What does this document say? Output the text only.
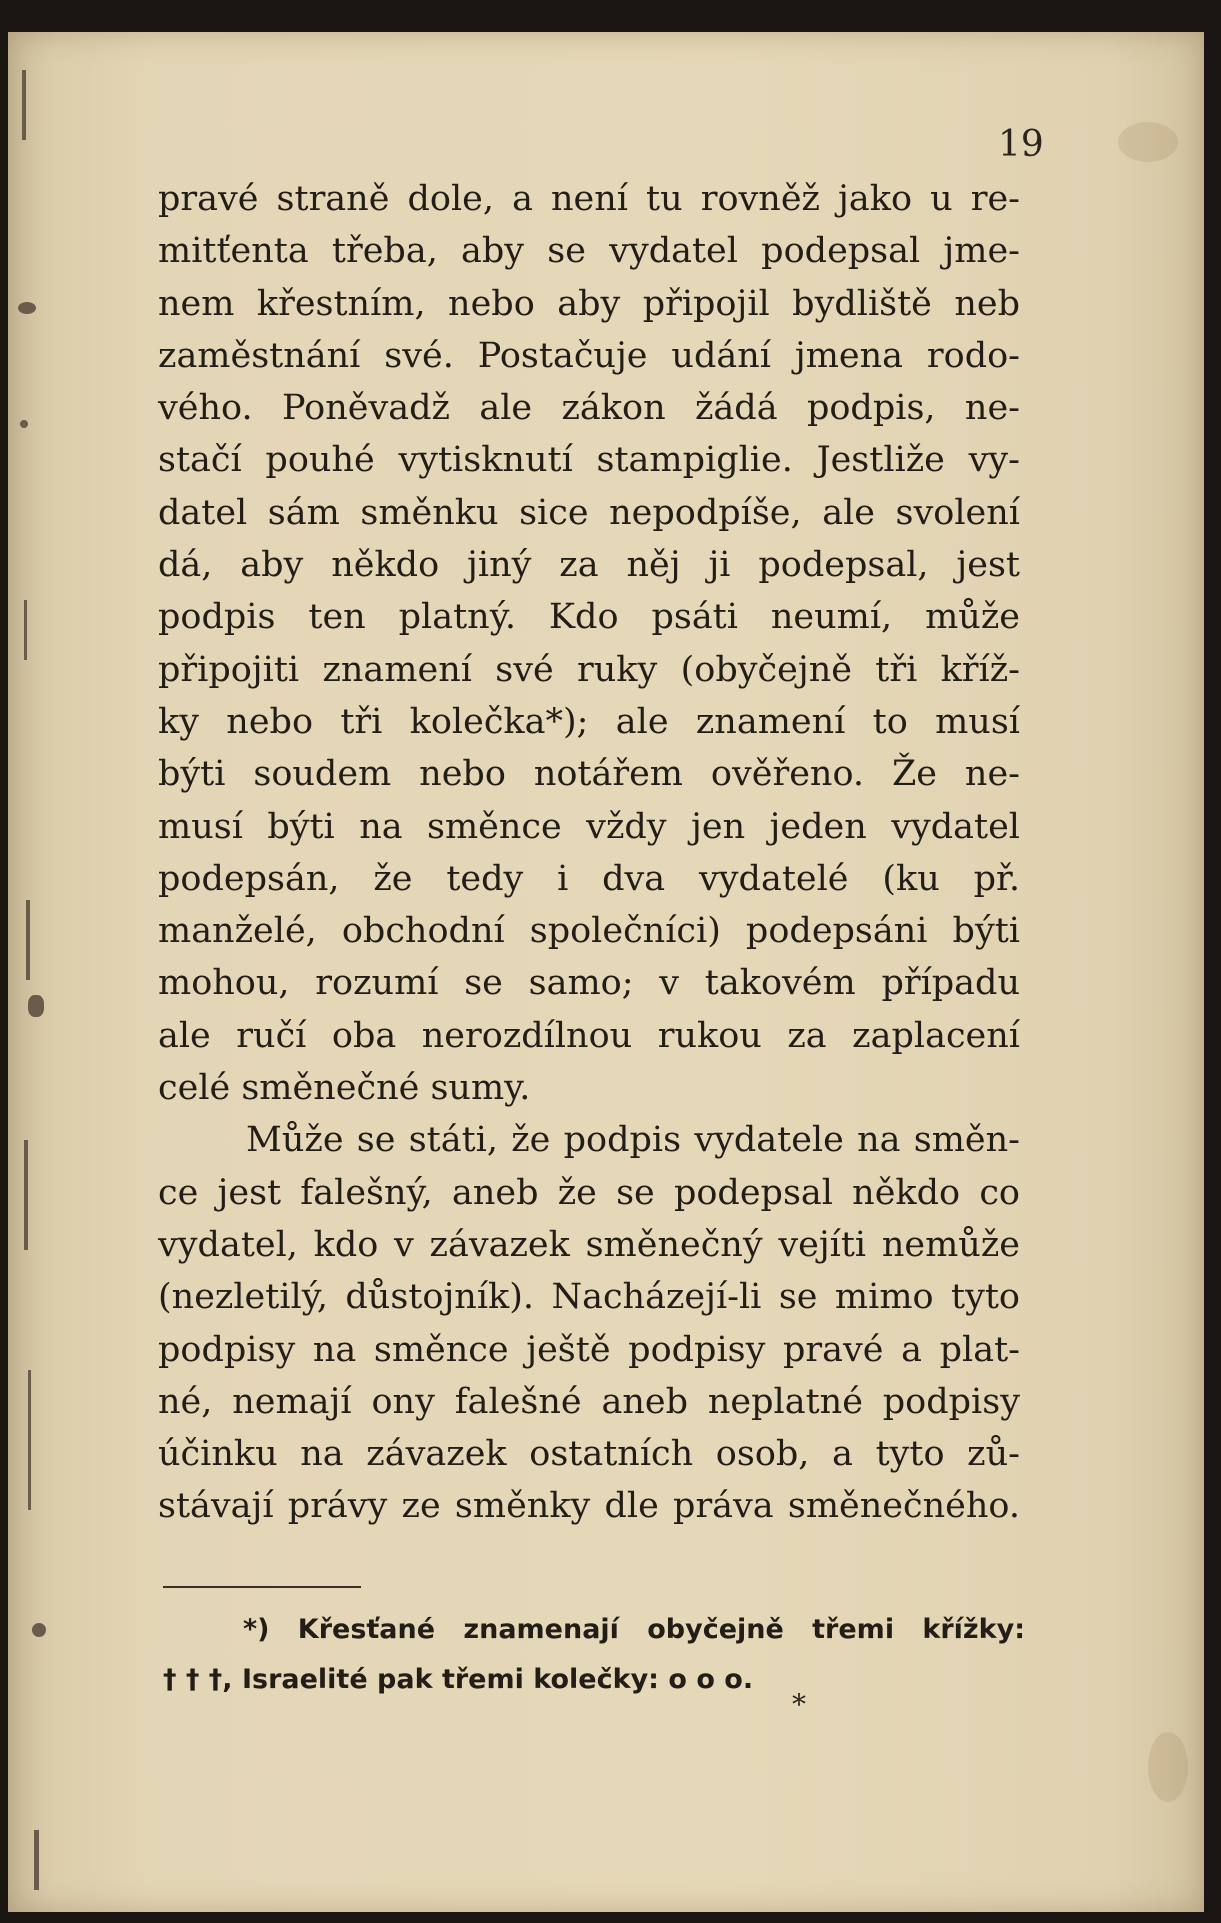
19

pravé straně dole, a není tu rovněž jako u re-
mitťenta třeba, aby se vydatel podepsal jme-
nem křestním, nebo aby připojil bydliště neb
zaměstnání své. Postačuje udání jmena rodo-
vého. Poněvadž ale zákon žádá podpis, ne-
stačí pouhé vytisknutí stampiglie. Jestliže vy-
datel sám směnku sice nepodpíše, ale svolení
dá, aby někdo jiný za něj ji podepsal, jest
podpis ten platný. Kdo psáti neumí, může
připojiti znamení své ruky (obyčejně tři kříž-
ky nebo tři kolečka*); ale znamení to musí
býti soudem nebo notářem ověřeno. Že ne-
musí býti na směnce vždy jen jeden vydatel
podepsán, že tedy i dva vydatelé (ku př.
manželé, obchodní společníci) podepsáni býti
mohou, rozumí se samo; v takovém případu
ale ručí oba nerozdílnou rukou za zaplacení
celé směnečné sumy.

Může se státi, že podpis vydatele na směn-
ce jest falešný, aneb že se podepsal někdo co
vydatel, kdo v závazek směnečný vejíti nemůže
(nezletilý, důstojník). Nacházejí-li se mimo tyto
podpisy na směnce ještě podpisy pravé a plat-
né, nemají ony falešné aneb neplatné podpisy
účinku na závazek ostatních osob, a tyto zů-
stávají právy ze směnky dle práva směnečného.

*) Křesťané znamenají obyčejně třemi křížky:
† † †, Israelité pak třemi kolečky: o o o.
*
